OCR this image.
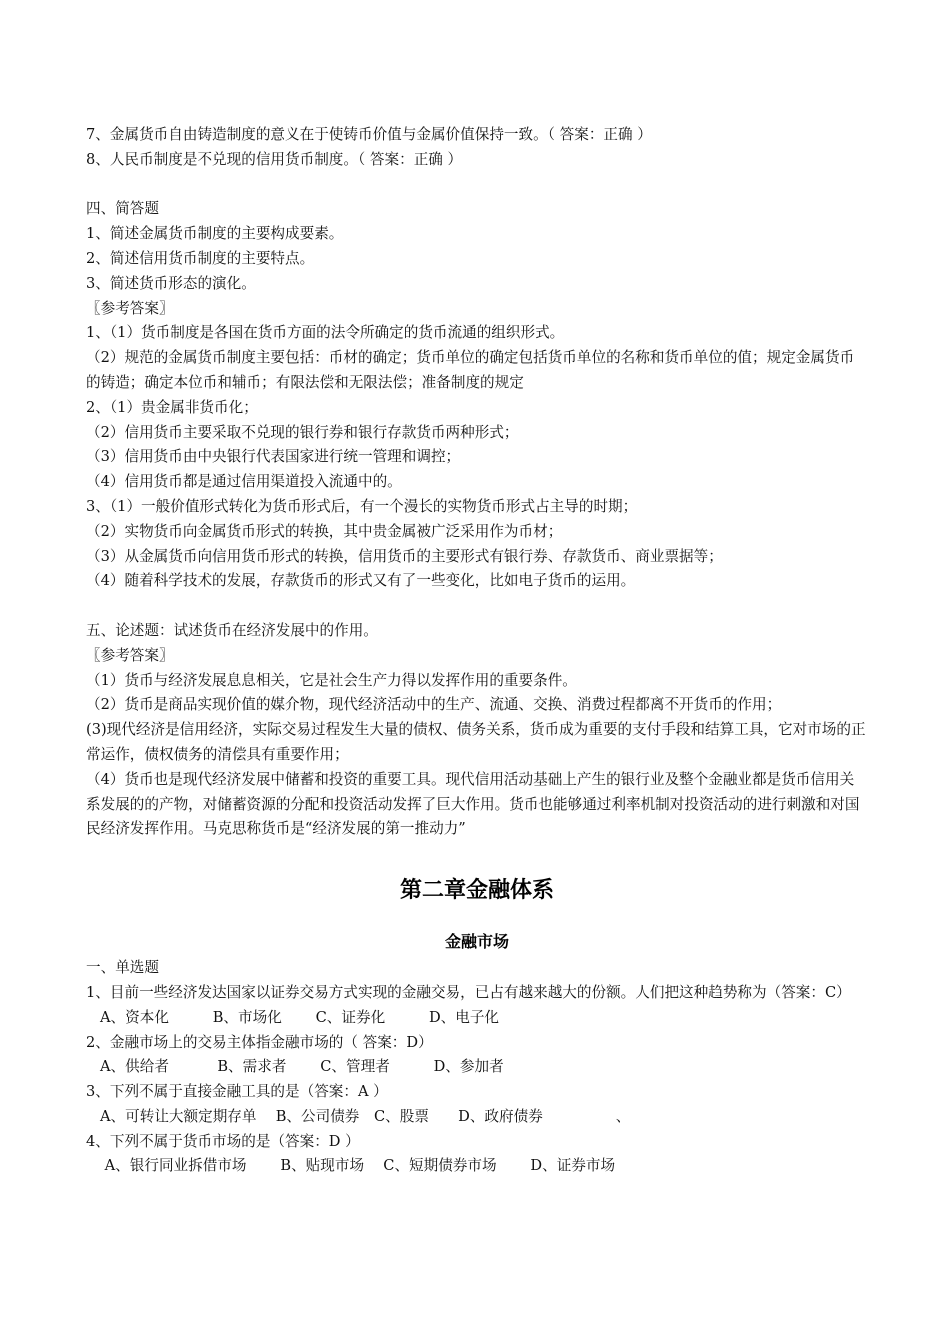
7、金属货币自由铸造制度的意义在于使铸币价值与金属价值保持一致。（ 答案：正确 ）
8、人民币制度是不兑现的信用货币制度。（ 答案：正确 ）
四、简答题
1、简述金属货币制度的主要构成要素。
2、简述信用货币制度的主要特点。
3、简述货币形态的演化。
〖参考答案〗
1、（1）货币制度是各国在货币方面的法令所确定的货币流通的组织形式。
（2）规范的金属货币制度主要包括：币材的确定；货币单位的确定包括货币单位的名称和货币单位的值；规定金属货币的铸造；确定本位币和辅币；有限法偿和无限法偿；准备制度的规定
2、（1）贵金属非货币化；
（2）信用货币主要采取不兑现的银行券和银行存款货币两种形式；
（3）信用货币由中央银行代表国家进行统一管理和调控；
（4）信用货币都是通过信用渠道投入流通中的。
3、（1）一般价值形式转化为货币形式后，有一个漫长的实物货币形式占主导的时期；
（2）实物货币向金属货币形式的转换，其中贵金属被广泛采用作为币材；
（3）从金属货币向信用货币形式的转换，信用货币的主要形式有银行券、存款货币、商业票据等；
（4）随着科学技术的发展，存款货币的形式又有了一些变化，比如电子货币的运用。
五、论述题：试述货币在经济发展中的作用。
〖参考答案〗
（1）货币与经济发展息息相关，它是社会生产力得以发挥作用的重要条件。
（2）货币是商品实现价值的媒介物，现代经济活动中的生产、流通、交换、消费过程都离不开货币的作用；
(3)现代经济是信用经济，实际交易过程发生大量的债权、债务关系，货币成为重要的支付手段和结算工具，它对市场的正常运作，债权债务的清偿具有重要作用；
（4）货币也是现代经济发展中储蓄和投资的重要工具。现代信用活动基础上产生的银行业及整个金融业都是货币信用关系发展的的产物，对储蓄资源的分配和投资活动发挥了巨大作用。货币也能够通过利率机制对投资活动的进行刺激和对国民经济发挥作用。马克思称货币是“经济发展的第一推动力”
第二章金融体系
金融市场
一、单选题
1、目前一些经济发达国家以证券交易方式实现的金融交易，已占有越来越大的份额。人们把这种趋势称为（答案：C）
A、资本化　　　B、市场化　　 C、证券化　　　D、电子化
2、金融市场上的交易主体指金融市场的（ 答案：D）
A、供给者　　　 B、需求者　　 C、管理者　　　D、参加者
3、下列不属于直接金融工具的是（答案：A ）
A、可转让大额定期存单　 B、公司债券　C、股票　　D、政府债券　　　　　、
4、下列不属于货币市场的是（答案：D ）
A、银行同业拆借市场　　 B、贴现市场　 C、短期债券市场　　 D、证券市场
